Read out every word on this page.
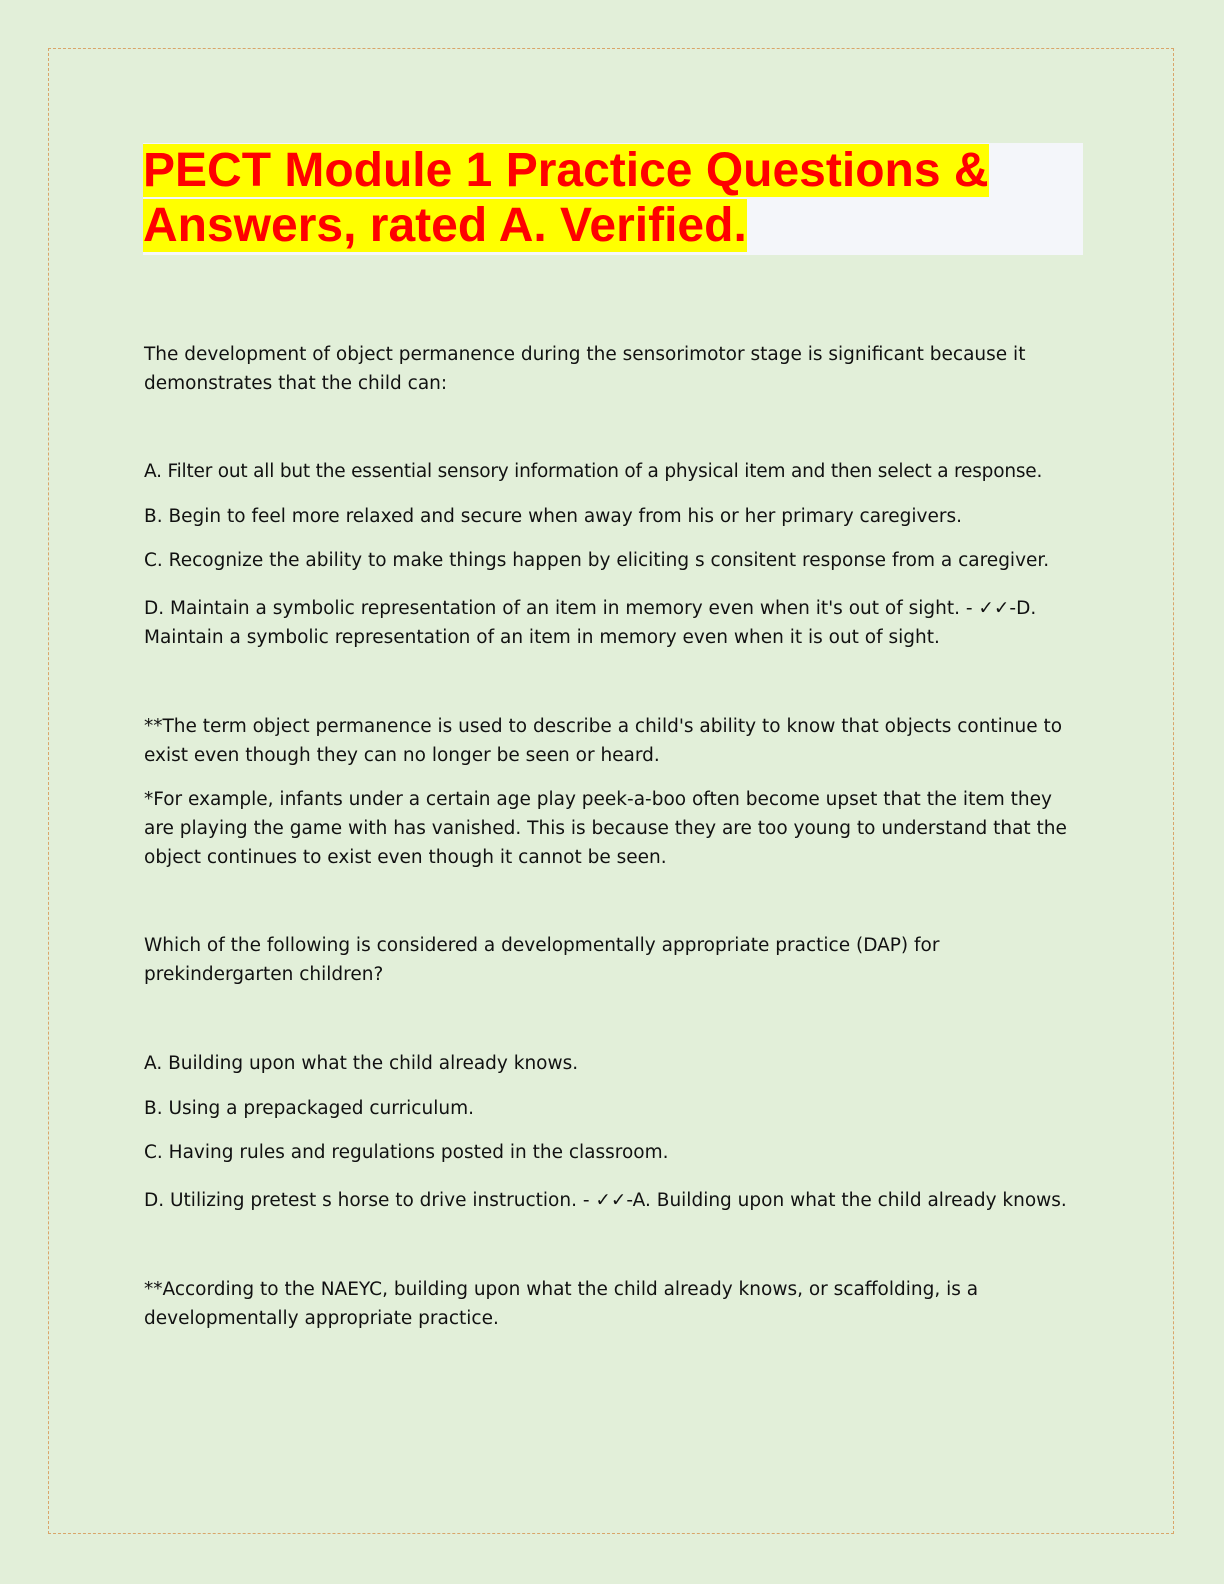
PECT Module 1 Practice Questions & Answers, rated A. Verified.

The development of object permanence during the sensorimotor stage is significant because it demonstrates that the child can:

A. Filter out all but the essential sensory information of a physical item and then select a response.

B. Begin to feel more relaxed and secure when away from his or her primary caregivers.

C. Recognize the ability to make things happen by eliciting s consitent response from a caregiver.

D. Maintain a symbolic representation of an item in memory even when it's out of sight. - ✓✓-D. Maintain a symbolic representation of an item in memory even when it is out of sight.

**The term object permanence is used to describe a child's ability to know that objects continue to exist even though they can no longer be seen or heard.

*For example, infants under a certain age play peek-a-boo often become upset that the item they are playing the game with has vanished. This is because they are too young to understand that the object continues to exist even though it cannot be seen.

Which of the following is considered a developmentally appropriate practice (DAP) for prekindergarten children?

A. Building upon what the child already knows.

B. Using a prepackaged curriculum.

C. Having rules and regulations posted in the classroom.

D. Utilizing pretest s horse to drive instruction. - ✓✓-A. Building upon what the child already knows.

**According to the NAEYC, building upon what the child already knows, or scaffolding, is a developmentally appropriate practice.
